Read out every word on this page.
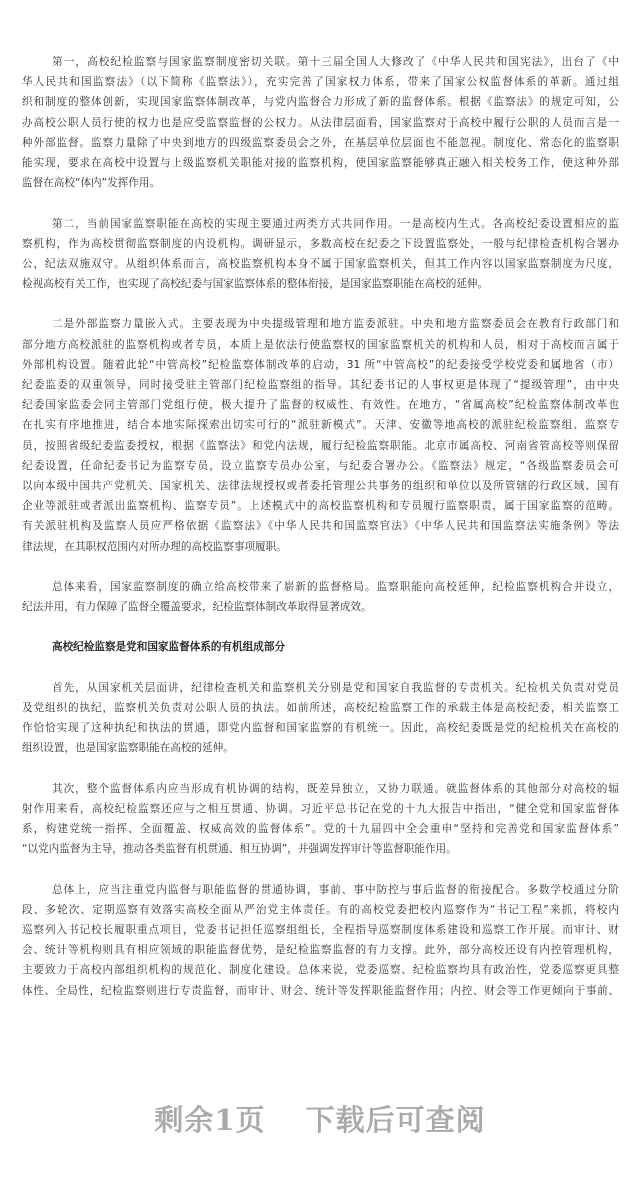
第一，高校纪检监察与国家监察制度密切关联。第十三届全国人大修改了《中华人民共和国宪法》，出台了《中
华人民共和国监察法》（以下简称《监察法》），充实完善了国家权力体系，带来了国家公权监督体系的革新。通过组
织和制度的整体创新，实现国家监察体制改革，与党内监督合力形成了新的监督体系。根据《监察法》的规定可知，公
办高校公职人员行使的权力也是应受监察监督的公权力。从法律层面看，国家监察对于高校中履行公职的人员而言是一
种外部监督。监察力量除了中央到地方的四级监察委员会之外，在基层单位层面也不能忽视。制度化、常态化的监察职
能实现，要求在高校中设置与上级监察机关职能对接的监察机构，使国家监察能够真正融入相关校务工作，使这种外部
监督在高校“体内”发挥作用。
第二，当前国家监察职能在高校的实现主要通过两类方式共同作用。一是高校内生式。各高校纪委设置相应的监
察机构，作为高校贯彻监察制度的内设机构。调研显示，多数高校在纪委之下设置监察处，一般与纪律检查机构合署办
公，纪法双施双守。从组织体系而言，高校监察机构本身不属于国家监察机关，但其工作内容以国家监察制度为尺度，
检视高校有关工作，也实现了高校纪委与国家监察体系的整体衔接，是国家监察职能在高校的延伸。
二是外部监察力量嵌入式。主要表现为中央提级管理和地方监委派驻。中央和地方监察委员会在教育行政部门和
部分地方高校派驻的监察机构或者专员，本质上是依法行使监察权的国家监察机关的机构和人员，相对于高校而言属于
外部机构设置。随着此轮“中管高校”纪检监察体制改革的启动，31 所“中管高校”的纪委接受学校党委和属地省（市）
纪委监委的双重领导，同时接受驻主管部门纪检监察组的指导。其纪委书记的人事权更是体现了“提级管理”，由中央
纪委国家监委会同主管部门党组行使，极大提升了监督的权威性、有效性。在地方，“省属高校”纪检监察体制改革也
在扎实有序地推进，结合本地实际探索出切实可行的“派驻新模式”。天津、安徽等地高校的派驻纪检监察组、监察专
员，按照省级纪委监委授权，根据《监察法》和党内法规，履行纪检监察职能。北京市属高校、河南省管高校等则保留
纪委设置，任命纪委书记为监察专员，设立监察专员办公室，与纪委合署办公。《监察法》规定，“各级监察委员会可
以向本级中国共产党机关、国家机关、法律法规授权或者委托管理公共事务的组织和单位以及所管辖的行政区域、国有
企业等派驻或者派出监察机构、监察专员”。上述模式中的高校监察机构和专员履行监察职责，属于国家监察的范畴。
有关派驻机构及监察人员应严格依据《监察法》《中华人民共和国监察官法》《中华人民共和国监察法实施条例》等法
律法规，在其职权范围内对所办理的高校监察事项履职。
总体来看，国家监察制度的确立给高校带来了崭新的监督格局。监察职能向高校延伸，纪检监察机构合并设立，
纪法并用，有力保障了监督全覆盖要求，纪检监察体制改革取得显著成效。
高校纪检监察是党和国家监督体系的有机组成部分
首先，从国家机关层面讲，纪律检查机关和监察机关分别是党和国家自我监督的专责机关。纪检机关负责对党员
及党组织的执纪，监察机关负责对公职人员的执法。如前所述，高校纪检监察工作的承载主体是高校纪委，相关监察工
作恰恰实现了这种执纪和执法的贯通，即党内监督和国家监察的有机统一。因此，高校纪委既是党的纪检机关在高校的
组织设置，也是国家监察职能在高校的延伸。
其次，整个监督体系内应当形成有机协调的结构，既差异独立，又协力联通。就监督体系的其他部分对高校的辐
射作用来看，高校纪检监察还应与之相互贯通、协调。习近平总书记在党的十九大报告中指出，“健全党和国家监督体
系，构建党统一指挥、全面覆盖、权威高效的监督体系”。党的十九届四中全会重申“坚持和完善党和国家监督体系”
“以党内监督为主导，推动各类监督有机贯通、相互协调”，并强调发挥审计等监督职能作用。
总体上，应当注重党内监督与职能监督的贯通协调，事前、事中防控与事后监督的衔接配合。多数学校通过分阶
段、多轮次、定期巡察有效落实高校全面从严治党主体责任。有的高校党委把校内巡察作为“书记工程”来抓，将校内
巡察列入书记校长履职重点项目，党委书记担任巡察组组长，全程指导巡察制度体系建设和巡察工作开展。而审计、财
会、统计等机构则具有相应领域的职能监督优势，是纪检监察监督的有力支撑。此外，部分高校还设有内控管理机构，
主要致力于高校内部组织机构的规范化、制度化建设。总体来说，党委巡察、纪检监察均具有政治性，党委巡察更具整
体性、全局性，纪检监察则进行专责监督，而审计、财会、统计等发挥职能监督作用；内控、财会等工作更倾向于事前、
剩余1页 下载后可查阅
